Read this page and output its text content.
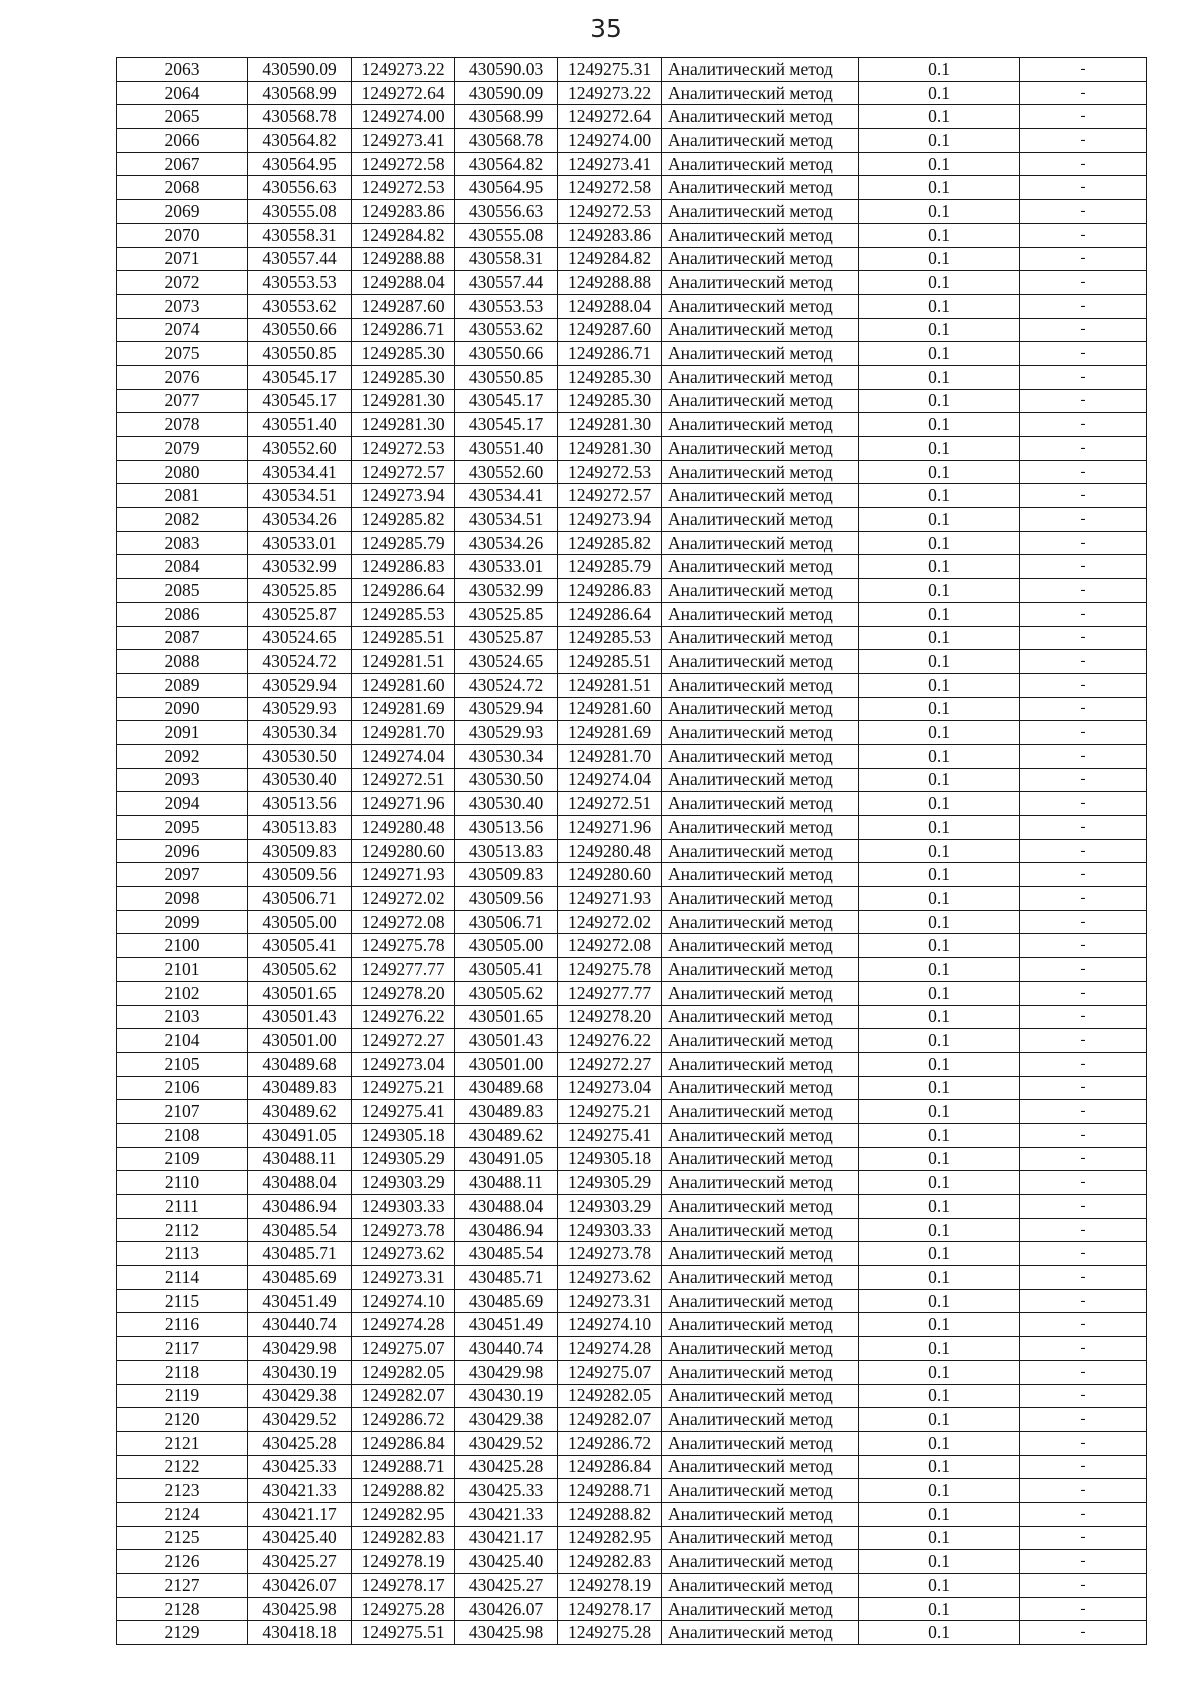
35
2063	430590.09	1249273.22	430590.03	1249275.31	Аналитический метод	0.1	-
2064	430568.99	1249272.64	430590.09	1249273.22	Аналитический метод	0.1	-
2065	430568.78	1249274.00	430568.99	1249272.64	Аналитический метод	0.1	-
2066	430564.82	1249273.41	430568.78	1249274.00	Аналитический метод	0.1	-
2067	430564.95	1249272.58	430564.82	1249273.41	Аналитический метод	0.1	-
2068	430556.63	1249272.53	430564.95	1249272.58	Аналитический метод	0.1	-
2069	430555.08	1249283.86	430556.63	1249272.53	Аналитический метод	0.1	-
2070	430558.31	1249284.82	430555.08	1249283.86	Аналитический метод	0.1	-
2071	430557.44	1249288.88	430558.31	1249284.82	Аналитический метод	0.1	-
2072	430553.53	1249288.04	430557.44	1249288.88	Аналитический метод	0.1	-
2073	430553.62	1249287.60	430553.53	1249288.04	Аналитический метод	0.1	-
2074	430550.66	1249286.71	430553.62	1249287.60	Аналитический метод	0.1	-
2075	430550.85	1249285.30	430550.66	1249286.71	Аналитический метод	0.1	-
2076	430545.17	1249285.30	430550.85	1249285.30	Аналитический метод	0.1	-
2077	430545.17	1249281.30	430545.17	1249285.30	Аналитический метод	0.1	-
2078	430551.40	1249281.30	430545.17	1249281.30	Аналитический метод	0.1	-
2079	430552.60	1249272.53	430551.40	1249281.30	Аналитический метод	0.1	-
2080	430534.41	1249272.57	430552.60	1249272.53	Аналитический метод	0.1	-
2081	430534.51	1249273.94	430534.41	1249272.57	Аналитический метод	0.1	-
2082	430534.26	1249285.82	430534.51	1249273.94	Аналитический метод	0.1	-
2083	430533.01	1249285.79	430534.26	1249285.82	Аналитический метод	0.1	-
2084	430532.99	1249286.83	430533.01	1249285.79	Аналитический метод	0.1	-
2085	430525.85	1249286.64	430532.99	1249286.83	Аналитический метод	0.1	-
2086	430525.87	1249285.53	430525.85	1249286.64	Аналитический метод	0.1	-
2087	430524.65	1249285.51	430525.87	1249285.53	Аналитический метод	0.1	-
2088	430524.72	1249281.51	430524.65	1249285.51	Аналитический метод	0.1	-
2089	430529.94	1249281.60	430524.72	1249281.51	Аналитический метод	0.1	-
2090	430529.93	1249281.69	430529.94	1249281.60	Аналитический метод	0.1	-
2091	430530.34	1249281.70	430529.93	1249281.69	Аналитический метод	0.1	-
2092	430530.50	1249274.04	430530.34	1249281.70	Аналитический метод	0.1	-
2093	430530.40	1249272.51	430530.50	1249274.04	Аналитический метод	0.1	-
2094	430513.56	1249271.96	430530.40	1249272.51	Аналитический метод	0.1	-
2095	430513.83	1249280.48	430513.56	1249271.96	Аналитический метод	0.1	-
2096	430509.83	1249280.60	430513.83	1249280.48	Аналитический метод	0.1	-
2097	430509.56	1249271.93	430509.83	1249280.60	Аналитический метод	0.1	-
2098	430506.71	1249272.02	430509.56	1249271.93	Аналитический метод	0.1	-
2099	430505.00	1249272.08	430506.71	1249272.02	Аналитический метод	0.1	-
2100	430505.41	1249275.78	430505.00	1249272.08	Аналитический метод	0.1	-
2101	430505.62	1249277.77	430505.41	1249275.78	Аналитический метод	0.1	-
2102	430501.65	1249278.20	430505.62	1249277.77	Аналитический метод	0.1	-
2103	430501.43	1249276.22	430501.65	1249278.20	Аналитический метод	0.1	-
2104	430501.00	1249272.27	430501.43	1249276.22	Аналитический метод	0.1	-
2105	430489.68	1249273.04	430501.00	1249272.27	Аналитический метод	0.1	-
2106	430489.83	1249275.21	430489.68	1249273.04	Аналитический метод	0.1	-
2107	430489.62	1249275.41	430489.83	1249275.21	Аналитический метод	0.1	-
2108	430491.05	1249305.18	430489.62	1249275.41	Аналитический метод	0.1	-
2109	430488.11	1249305.29	430491.05	1249305.18	Аналитический метод	0.1	-
2110	430488.04	1249303.29	430488.11	1249305.29	Аналитический метод	0.1	-
2111	430486.94	1249303.33	430488.04	1249303.29	Аналитический метод	0.1	-
2112	430485.54	1249273.78	430486.94	1249303.33	Аналитический метод	0.1	-
2113	430485.71	1249273.62	430485.54	1249273.78	Аналитический метод	0.1	-
2114	430485.69	1249273.31	430485.71	1249273.62	Аналитический метод	0.1	-
2115	430451.49	1249274.10	430485.69	1249273.31	Аналитический метод	0.1	-
2116	430440.74	1249274.28	430451.49	1249274.10	Аналитический метод	0.1	-
2117	430429.98	1249275.07	430440.74	1249274.28	Аналитический метод	0.1	-
2118	430430.19	1249282.05	430429.98	1249275.07	Аналитический метод	0.1	-
2119	430429.38	1249282.07	430430.19	1249282.05	Аналитический метод	0.1	-
2120	430429.52	1249286.72	430429.38	1249282.07	Аналитический метод	0.1	-
2121	430425.28	1249286.84	430429.52	1249286.72	Аналитический метод	0.1	-
2122	430425.33	1249288.71	430425.28	1249286.84	Аналитический метод	0.1	-
2123	430421.33	1249288.82	430425.33	1249288.71	Аналитический метод	0.1	-
2124	430421.17	1249282.95	430421.33	1249288.82	Аналитический метод	0.1	-
2125	430425.40	1249282.83	430421.17	1249282.95	Аналитический метод	0.1	-
2126	430425.27	1249278.19	430425.40	1249282.83	Аналитический метод	0.1	-
2127	430426.07	1249278.17	430425.27	1249278.19	Аналитический метод	0.1	-
2128	430425.98	1249275.28	430426.07	1249278.17	Аналитический метод	0.1	-
2129	430418.18	1249275.51	430425.98	1249275.28	Аналитический метод	0.1	-
